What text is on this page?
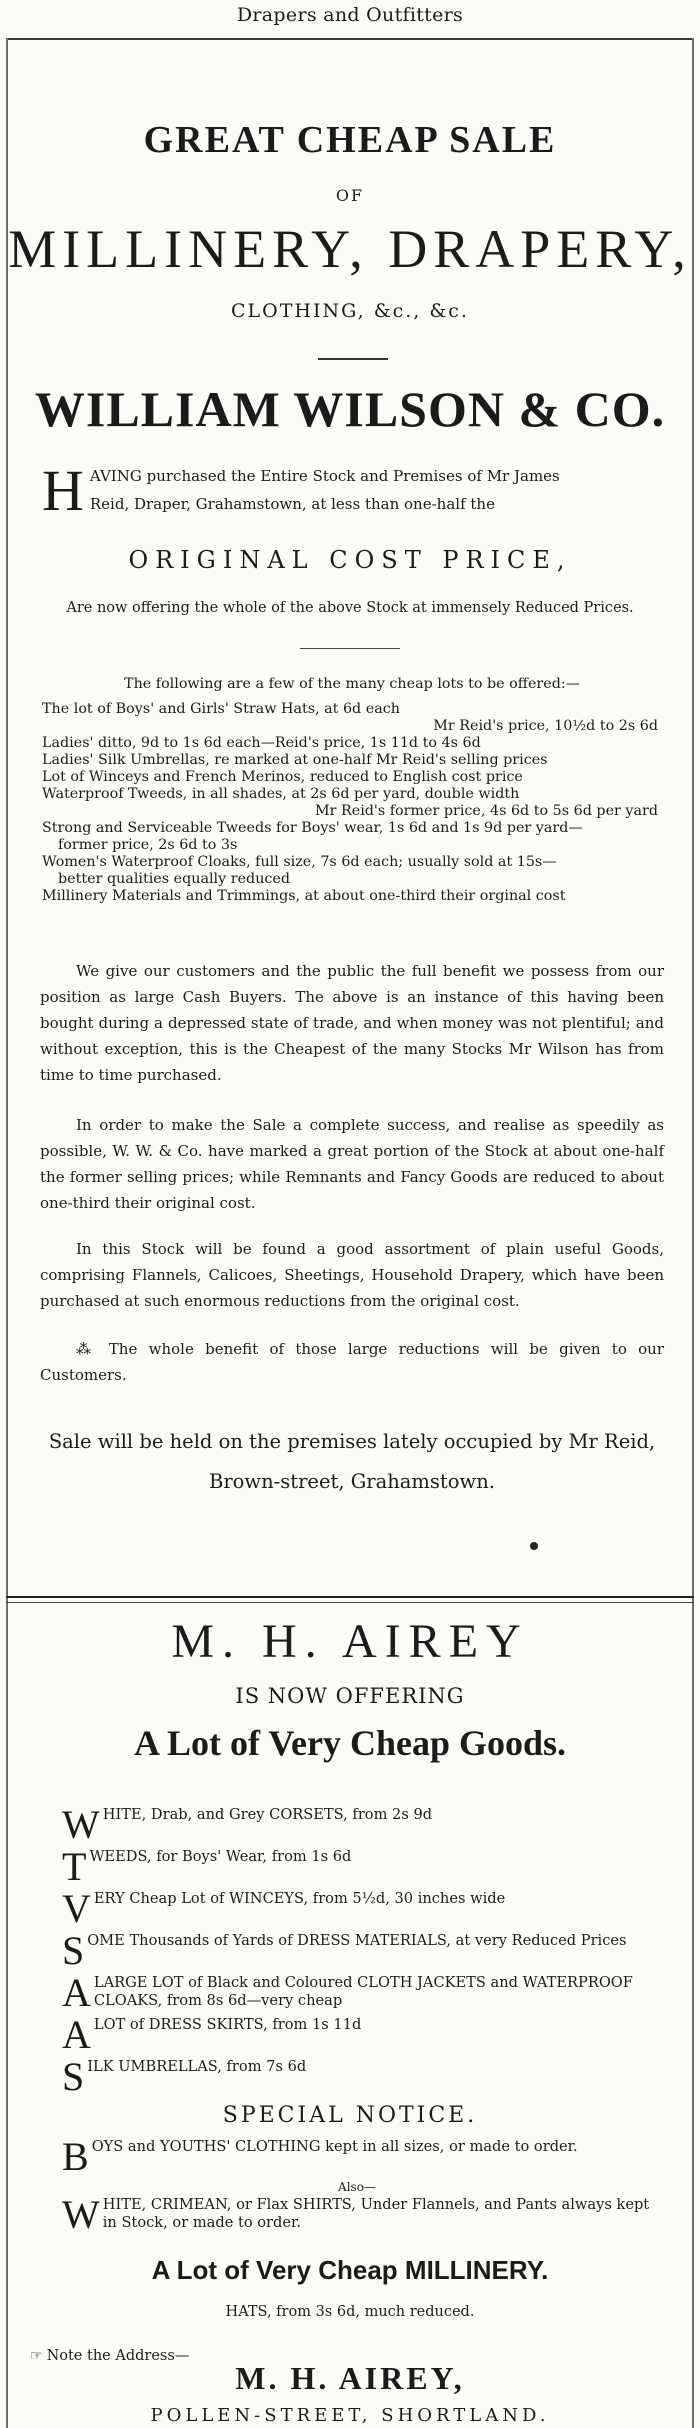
Drapers and Outfitters
GREAT CHEAP SALE
OF
MILLINERY, DRAPERY,
CLOTHING, &c., &c.
WILLIAM WILSON & CO.
H AVING purchased the Entire Stock and Premises of Mr James
Reid, Draper, Grahamstown, at less than one-half the
ORIGINAL COST PRICE,
Are now offering the whole of the above Stock at immensely Reduced Prices.

The following are a few of the many cheap lots to be offered:—

The lot of Boys' and Girls' Straw Hats, at 6d each

Mr Reid's price, 10½d to 2s 6d

Ladies' ditto, 9d to 1s 6d each—Reid's price, 1s 11d to 4s 6d

Ladies' Silk Umbrellas, re marked at one-half Mr Reid's selling prices

Lot of Winceys and French Merinos, reduced to English cost price

Waterproof Tweeds, in all shades, at 2s 6d per yard, double width

Mr Reid's former price, 4s 6d to 5s 6d per yard

Strong and Serviceable Tweeds for Boys' wear, 1s 6d and 1s 9d per yard—

former price, 2s 6d to 3s

Women's Waterproof Cloaks, full size, 7s 6d each; usually sold at 15s—

better qualities equally reduced

Millinery Materials and Trimmings, at about one-third their orginal cost

We give our customers and the public the full benefit we possess from our position as large Cash Buyers. The above is an instance of this having been bought during a depressed state of trade, and when money was not plentiful; and without exception, this is the Cheapest of the many Stocks Mr Wilson has from time to time purchased.

In order to make the Sale a complete success, and realise as speedily as possible, W. W. & Co. have marked a great portion of the Stock at about one-half the former selling prices; while Remnants and Fancy Goods are reduced to about one-third their original cost.

In this Stock will be found a good assortment of plain useful Goods, comprising Flannels, Calicoes, Sheetings, Household Drapery, which have been purchased at such enormous reductions from the original cost.

⁂ The whole benefit of those large reductions will be given to our Customers.

Sale will be held on the premises lately occupied by Mr Reid, Brown-street, Grahamstown.
M. H. AIREY
IS NOW OFFERING
A Lot of Very Cheap Goods.
WHITE, Drab, and Grey CORSETS, from 2s 9d
TWEEDS, for Boys' Wear, from 1s 6d
VERY Cheap Lot of WINCEYS, from 5½d, 30 inches wide
SOME Thousands of Yards of DRESS MATERIALS, at very Reduced Prices
ALARGE LOT of Black and Coloured CLOTH JACKETS and WATERPROOF CLOAKS, from 8s 6d—very cheap
ALOT of DRESS SKIRTS, from 1s 11d
SILK UMBRELLAS, from 7s 6d
SPECIAL NOTICE.
BOYS and YOUTHS' CLOTHING kept in all sizes, or made to order.
Also—
WHITE, CRIMEAN, or Flax SHIRTS, Under Flannels, and Pants always kept in Stock, or made to order.
A Lot of Very Cheap MILLINERY.
HATS, from 3s 6d, much reduced.
☞ Note the Address—
M. H. AIREY,
POLLEN-STREET, SHORTLAND.
